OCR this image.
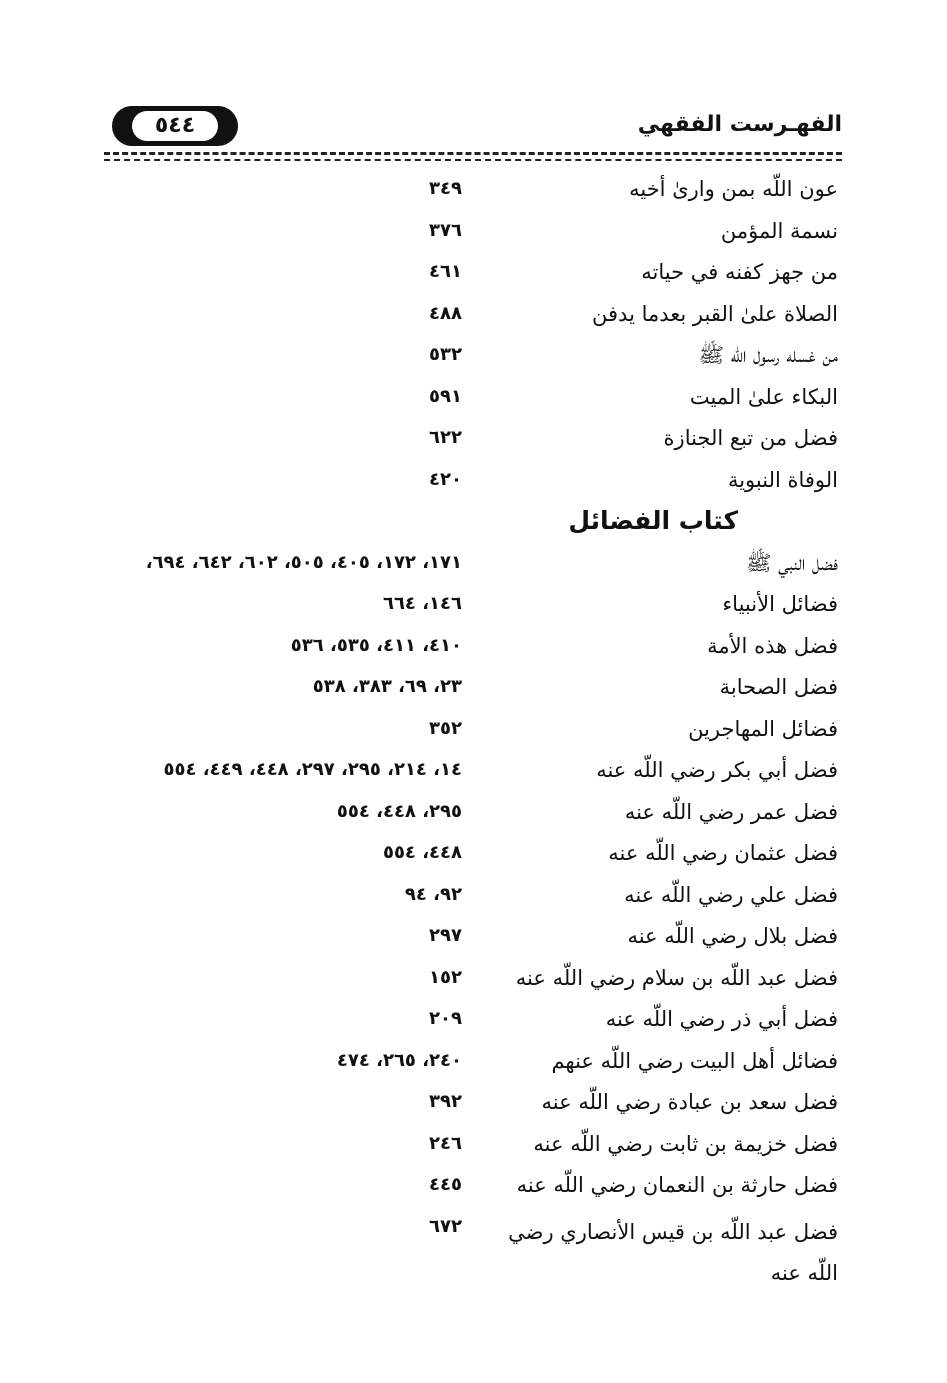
٥٤٤	الفهـرست الفقهي
عون اللّه بمن وارىٰ أخيه
٣٤٩
نسمة المؤمن
٣٧٦
من جهز كفنه في حياته
٤٦١
الصلاة علىٰ القبر بعدما يدفن
٤٨٨
من غسله رسول اللّه ﷺ
٥٣٢
البكاء علىٰ الميت
٥٩١
فضل من تبع الجنازة
٦٢٢
الوفاة النبوية
٤٢٠
كتاب الفضائل
فضل النبي ﷺ
١٧١، ١٧٢، ٤٠٥، ٥٠٥، ٦٠٢، ٦٤٢، ٦٩٤،
فضائل الأنبياء
١٤٦، ٦٦٤
فضل هذه الأمة
٤١٠، ٤١١، ٥٣٥، ٥٣٦
فضل الصحابة
٢٣، ٦٩، ٣٨٣، ٥٣٨
فضائل المهاجرين
٣٥٢
فضل أبي بكر رضي اللّه عنه
١٤، ٢١٤، ٢٩٥، ٢٩٧، ٤٤٨، ٤٤٩، ٥٥٤
فضل عمر رضي اللّه عنه
٢٩٥، ٤٤٨، ٥٥٤
فضل عثمان رضي اللّه عنه
٤٤٨، ٥٥٤
فضل علي رضي اللّه عنه
٩٢، ٩٤
فضل بلال رضي اللّه عنه
٢٩٧
فضل عبد اللّه بن سلام رضي اللّه عنه
١٥٢
فضل أبي ذر رضي اللّه عنه
٢٠٩
فضائل أهل البيت رضي اللّه عنهم
٢٤٠، ٢٦٥، ٤٧٤
فضل سعد بن عبادة رضي اللّه عنه
٣٩٢
فضل خزيمة بن ثابت رضي اللّه عنه
٢٤٦
فضل حارثة بن النعمان رضي اللّه عنه
٤٤٥
فضل عبد اللّه بن قيس الأنصاري رضي اللّه عنه
٦٧٢
